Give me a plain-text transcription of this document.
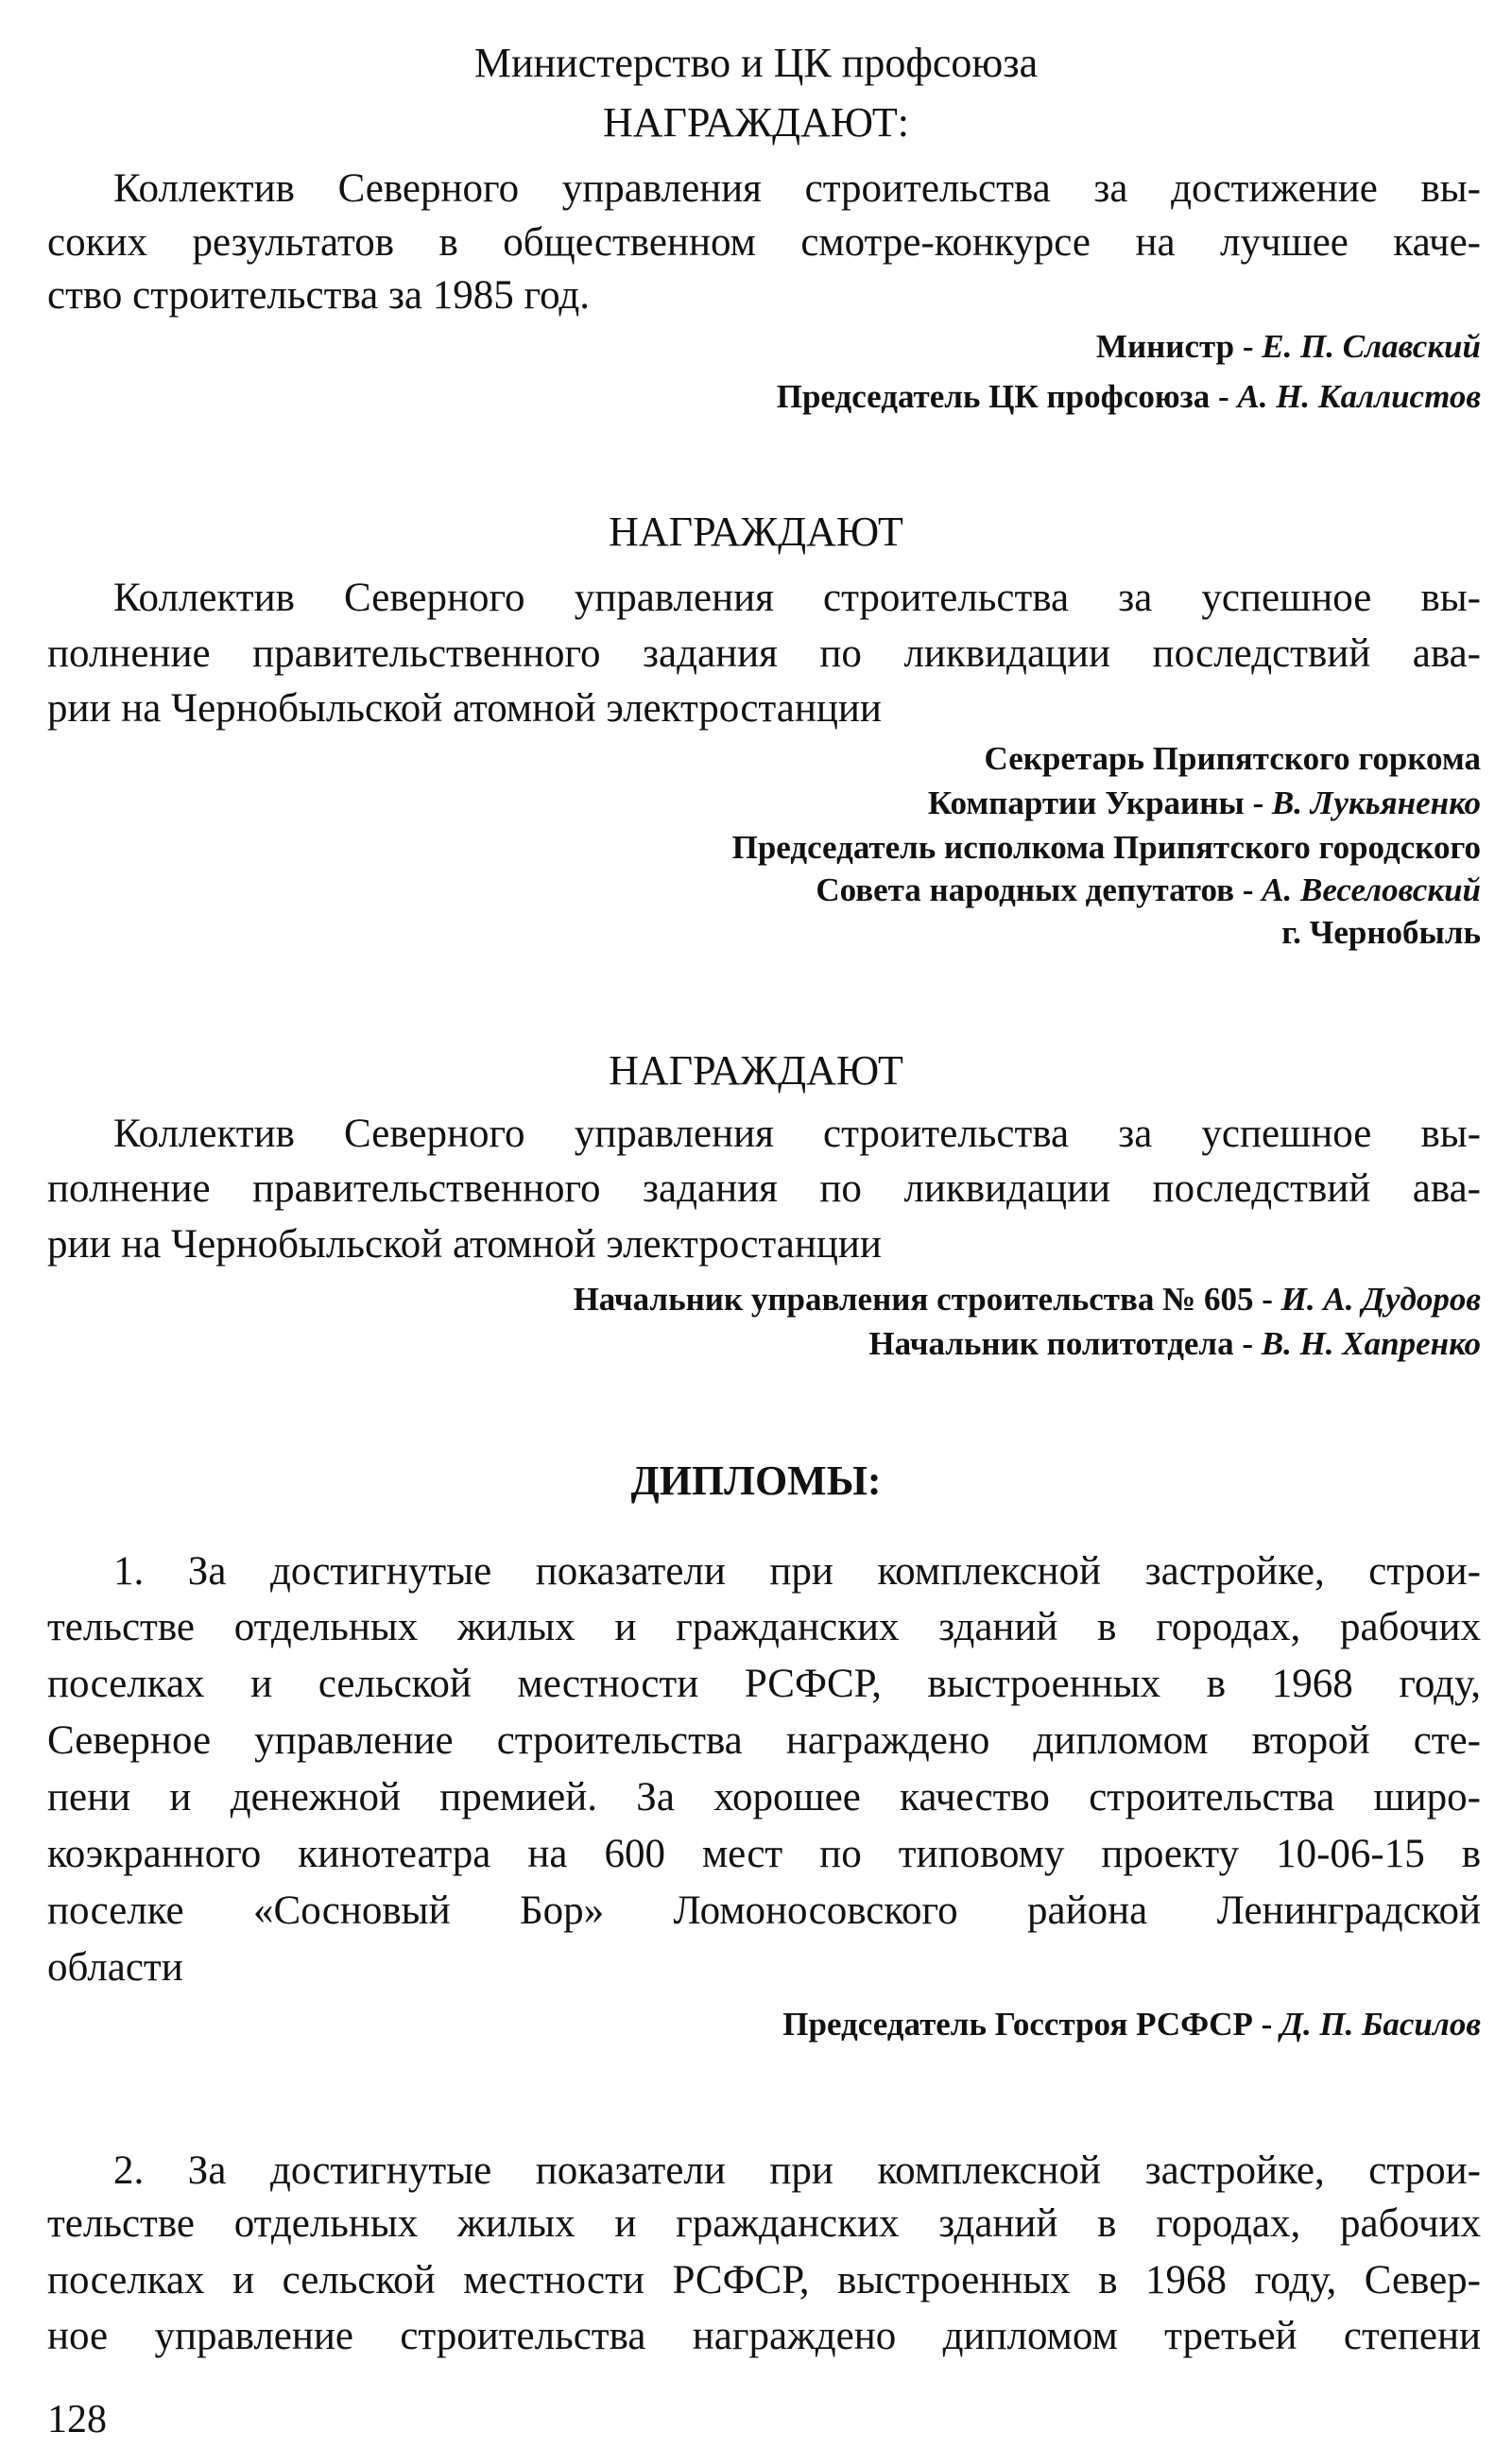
Министерство и ЦК профсоюза
128
НАГРАЖДАЮТ:
Коллектив Северного управления строительства за достижение вы-
соких результатов в общественном смотре-конкурсе на лучшее каче-
ство строительства за 1985 год.
Министр - Е. П. Славский
Председатель ЦК профсоюза - А. Н. Каллистов
НАГРАЖДАЮТ
Коллектив Северного управления строительства за успешное вы-
полнение правительственного задания по ликвидации последствий ава-
рии на Чернобыльской атомной электростанции
Секретарь Припятского горкома
Компартии Украины - В. Лукьяненко
Председатель исполкома Припятского городского
Совета народных депутатов - А. Веселовский
г. Чернобыль
НАГРАЖДАЮТ
Коллектив Северного управления строительства за успешное вы-
полнение правительственного задания по ликвидации последствий ава-
рии на Чернобыльской атомной электростанции
Начальник управления строительства № 605 - И. А. Дудоров
Начальник политотдела - В. Н. Хапренко
ДИПЛОМЫ:
1. За достигнутые показатели при комплексной застройке, строи-
тельстве отдельных жилых и гражданских зданий в городах, рабочих
поселках и сельской местности РСФСР, выстроенных в 1968 году,
Северное управление строительства награждено дипломом второй сте-
пени и денежной премией. За хорошее качество строительства широ-
коэкранного кинотеатра на 600 мест по типовому проекту 10-06-15 в
поселке «Сосновый Бор» Ломоносовского района Ленинградской
области
Председатель Госстроя РСФСР - Д. П. Басилов
2. За достигнутые показатели при комплексной застройке, строи-
тельстве отдельных жилых и гражданских зданий в городах, рабочих
поселках и сельской местности РСФСР, выстроенных в 1968 году, Север-
ное управление строительства награждено дипломом третьей степени
